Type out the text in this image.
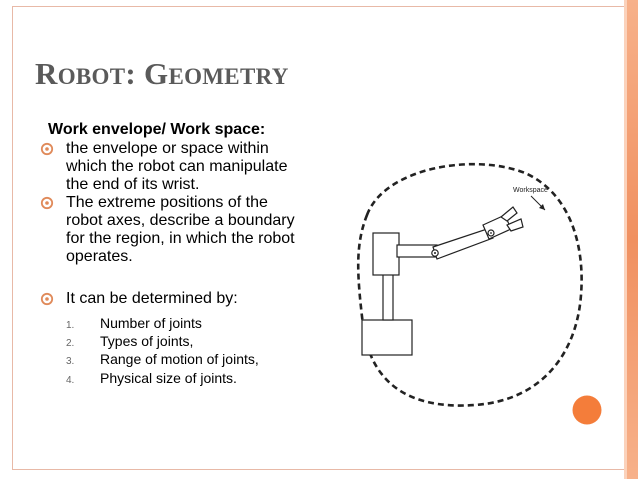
ROBOT: GEOMETRY
Work envelope/ Work space:
the envelope or space within
which the robot can manipulate
the end of its wrist.
The extreme positions of the
robot axes, describe a boundary
for the region, in which the robot
operates.
It can be determined by:
1. Number of joints
2. Types of joints,
3. Range of motion of joints,
4. Physical size of joints.
Workspace
